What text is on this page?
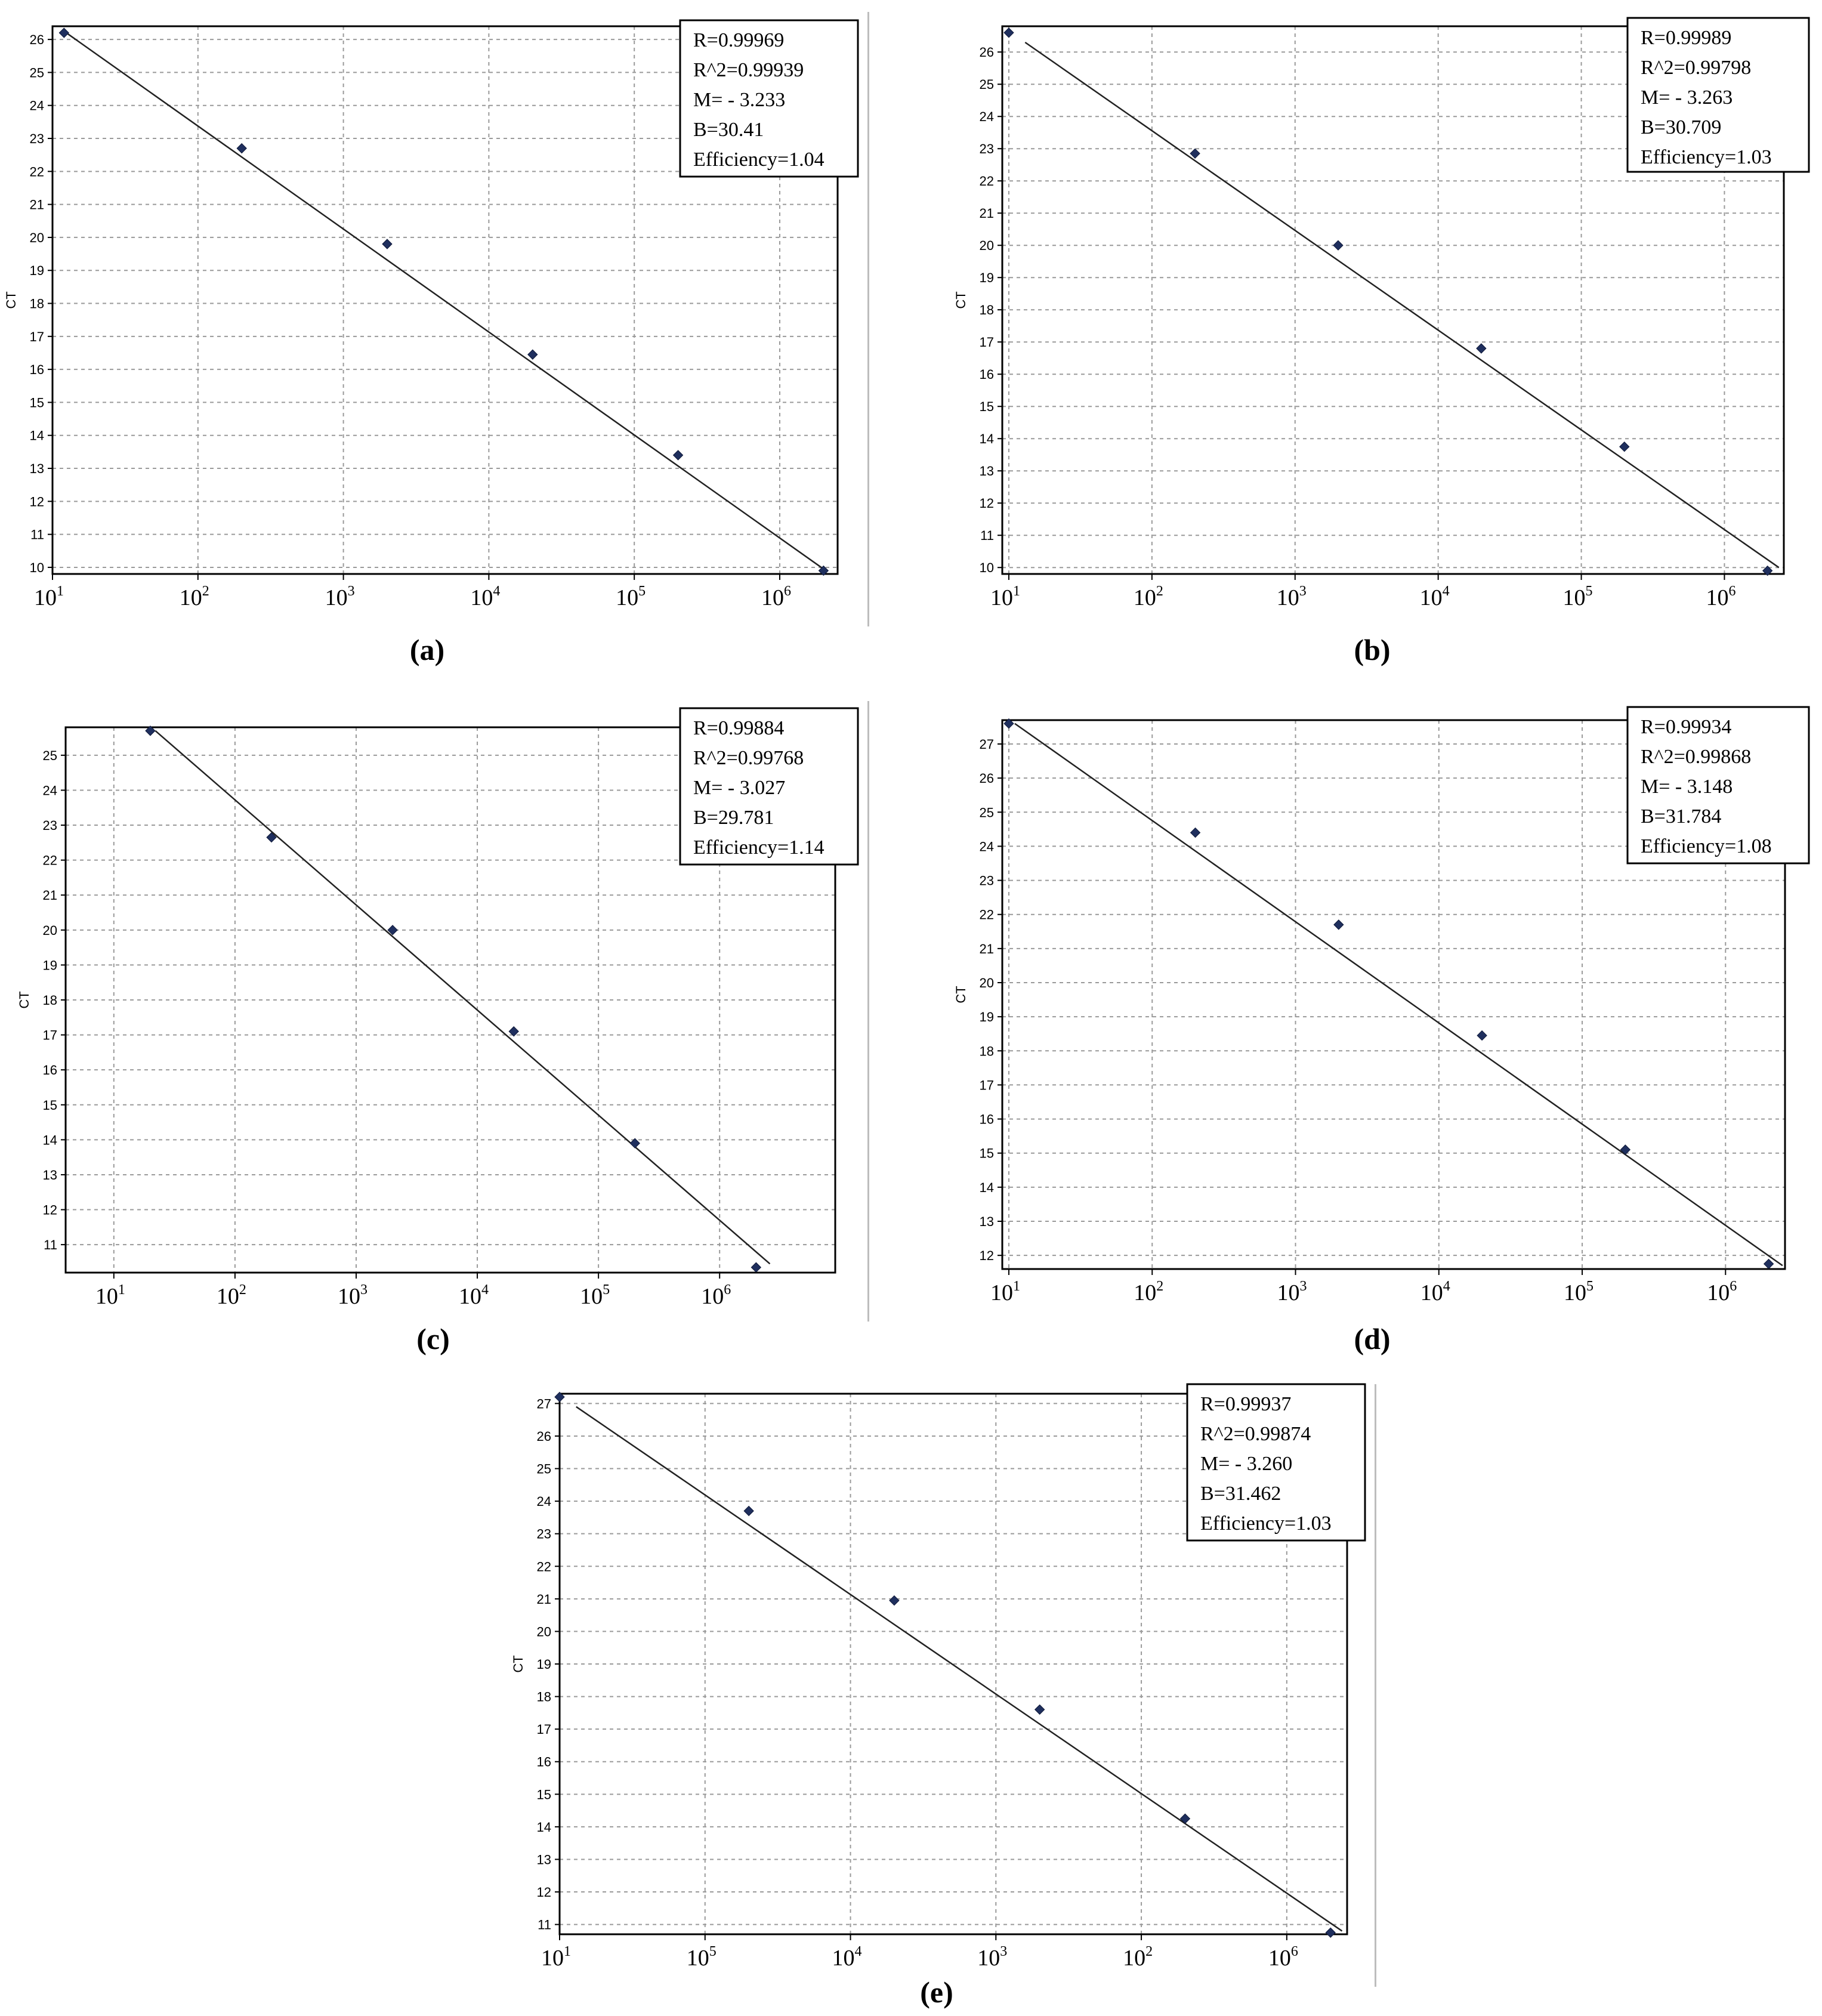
10
11
12
13
14
15
16
17
18
19
20
21
22
23
24
25
26
$10^1$	$10^2$	$10^3$	$10^4$	$10^5$	$10^6$
CT
R=0.99969
R^2=0.99939
M= - 3.233
B=30.41
Efficiency=1.04
(a)
10
11
12
13
14
15
16
17
18
19
20
21
22
23
24
25
26
$10^1$	$10^2$	$10^3$	$10^4$	$10^5$	$10^6$
CT
R=0.99989
R^2=0.99798
M= - 3.263
B=30.709
Efficiency=1.03
(b)
11
12
13
14
15
16
17
18
19
20
21
22
23
24
25
$10^1$	$10^2$	$10^3$	$10^4$	$10^5$	$10^6$
CT
R=0.99884
R^2=0.99768
M= - 3.027
B=29.781
Efficiency=1.14
(c)
12
13
14
15
16
17
18
19
20
21
22
23
24
25
26
27
$10^1$	$10^2$	$10^3$	$10^4$	$10^5$	$10^6$
CT
R=0.99934
R^2=0.99868
M= - 3.148
B=31.784
Efficiency=1.08
(d)
11
12
13
14
15
16
17
18
19
20
21
22
23
24
25
26
27
$10^1$	$10^5$	$10^4$	$10^3$	$10^2$	$10^6$
CT
R=0.99937
R^2=0.99874
M= - 3.260
B=31.462
Efficiency=1.03
(e)
